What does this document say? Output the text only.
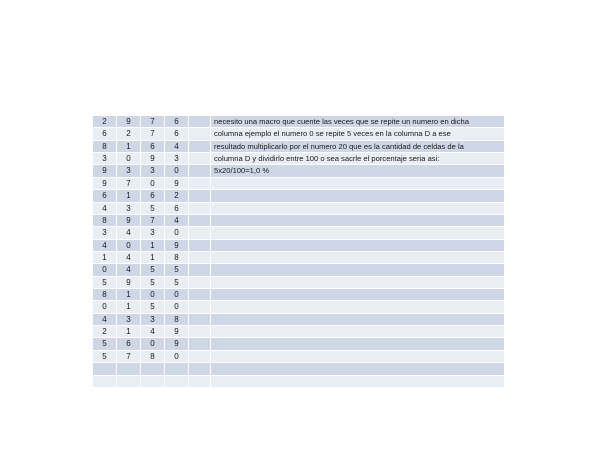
2	9	7	6	necesito una macro que cuente las veces que se repite un numero en dicha
6	2	7	6	columna ejemplo el numero 0 se repite 5 veces en la columna D a ese
8	1	6	4	resultado multiplicarlo por el numero 20 que es la cantidad de celdas de la
3	0	9	3	columna D y dividirlo entre 100 o sea sacrle el porcentaje seria asi:
9	3	3	0	5x20/100=1,0 %
9	7	0	9
6	1	6	2
4	3	5	6
8	9	7	4
3	4	3	0
4	0	1	9
1	4	1	8
0	4	5	5
5	9	5	5
8	1	0	0
0	1	5	0
4	3	3	8
2	1	4	9
5	6	0	9
5	7	8	0
